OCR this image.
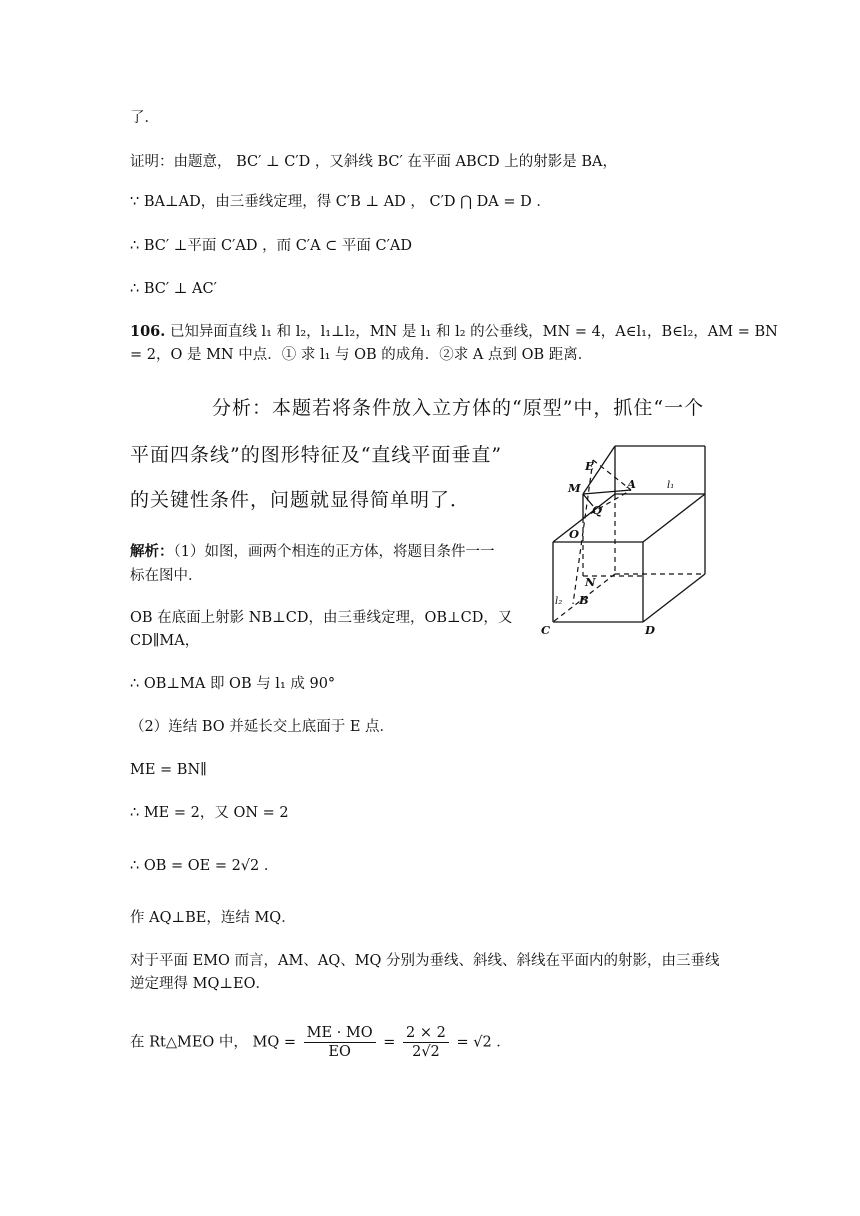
了．
证明：由题意， BC′ ⊥ C′D ，又斜线 BC′ 在平面 ABCD 上的射影是 BA，
∵ BA⊥AD，由三垂线定理，得 C′B ⊥ AD ， C′D ⋂ DA = D ．
∴ BC′ ⊥平面 C′AD ，而 C′A ⊂ 平面 C′AD
∴ BC′ ⊥ AC′
106. 已知异面直线 l₁ 和 l₂，l₁⊥l₂，MN 是 l₁ 和 l₂ 的公垂线，MN = 4，A∈l₁，B∈l₂，AM = BN
= 2，O 是 MN 中点．① 求 l₁ 与 OB 的成角．②求 A 点到 OB 距离．
分析：本题若将条件放入立方体的“原型”中，抓住“一个
平面四条线”的图形特征及“直线平面垂直”
的关键性条件，问题就显得简单明了．
解析：（1）如图，画两个相连的正方体，将题目条件一一
标在图中．
OB 在底面上射影 NB⊥CD，由三垂线定理，OB⊥CD，又
CD∥MA，
∴ OB⊥MA 即 OB 与 l₁ 成 90°
（2）连结 BO 并延长交上底面于 E 点．
ME = BN∥
∴ ME = 2，又 ON = 2
∴ OB = OE = 2√2 ．
作 AQ⊥BE，连结 MQ．
对于平面 EMO 而言，AM、AQ、MQ 分别为垂线、斜线、斜线在平面内的射影，由三垂线
逆定理得 MQ⊥EO．
在 Rt△MEO 中， MQ = $\frac{ME \cdot MO}{EO} = \frac{2 \times 2}{2√2} = √2$ ．
E
M	A
Q
O
N
B
C	D
l₁
l₂
